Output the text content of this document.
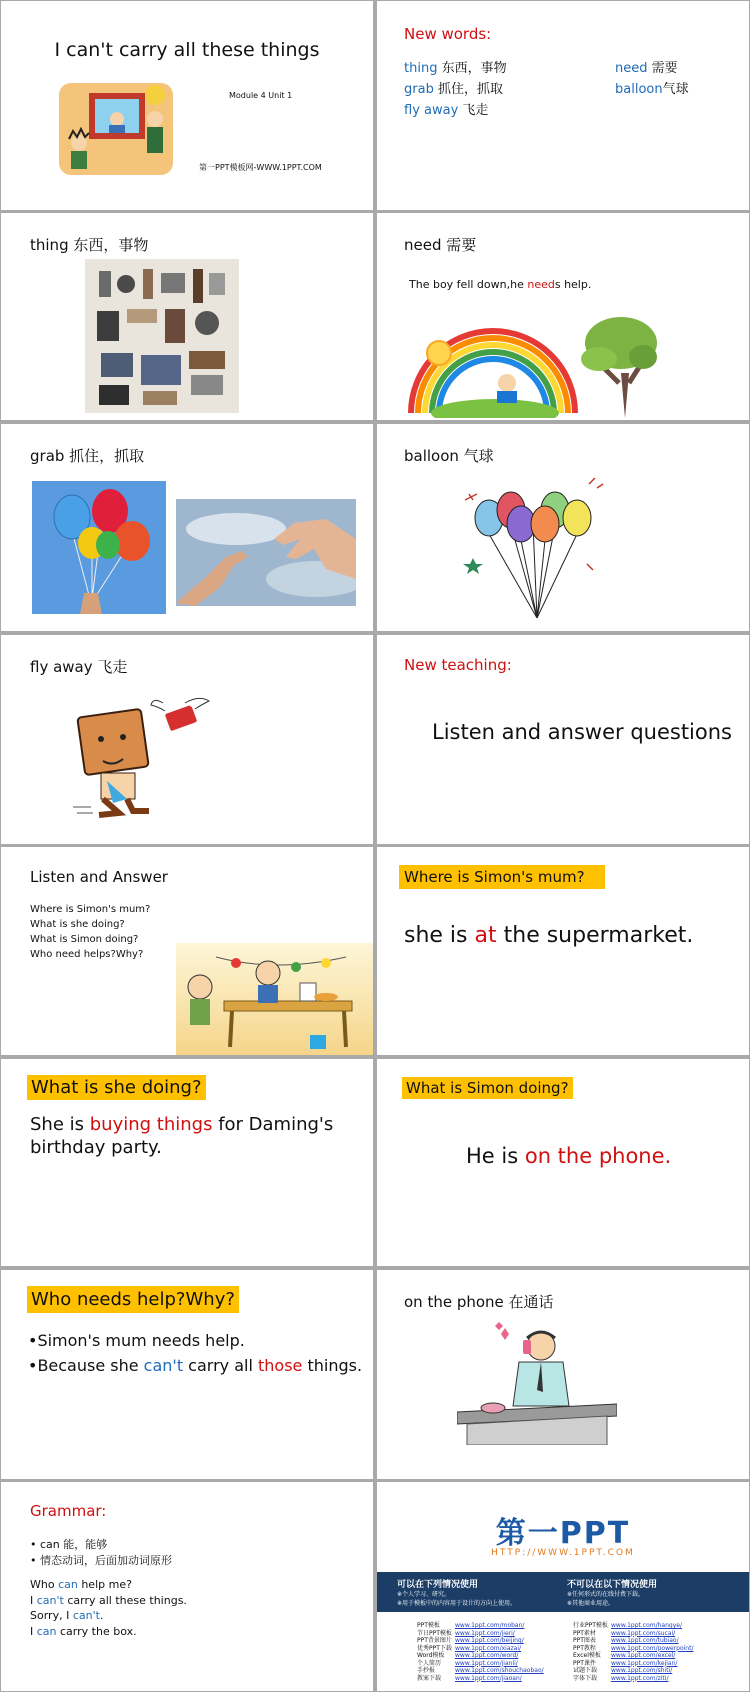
I can't carry all these things
Module 4 Unit 1
第一PPT模板网-WWW.1PPT.COM
New words:
thing 东西，事物
grab 抓住，抓取
fly away 飞走
need 需要
balloon气球
thing 东西，事物	need 需要
The boy fell down,he needs help.
grab 抓住，抓取	balloon 气球
fly away 飞走	New teaching:
Listen and answer questions
Listen and Answer
Where is Simon's mum?
What is she doing?
What is Simon doing?
Who need helps?Why?
Where is Simon's mum?
she is at the supermarket.
What is she doing?
She is buying things for Daming's
birthday party.
What is Simon doing?
He is on the phone.
Who needs help?Why?
•Simon's mum needs help.
•Because she can't carry all those things.
on the phone 在通话
Grammar:
• can 能，能够
• 情态动词，后面加动词原形
Who can help me?
I can't carry all these things.
Sorry, I can't.
I can carry the box.
第一PPT
HTTP://WWW.1PPT.COM
可以在下列情况使用
※个人学习、研究。
※用于模板中的内容用于设计的方向上使用。
不可以在以下情况使用
※任何形式的在线付费下载。
※其他商业用途。
PPT模板	www.1ppt.com/moban/
节日PPT模板 www.1ppt.com/jieri/
PPT背景图片 www.1ppt.com/beijing/
优秀PPT下载 www.1ppt.com/xiazai/
Word模板 www.1ppt.com/word/
个人简历 www.1ppt.com/jianli/
手抄报	www.1ppt.com/shouchaobao/
教案下载 www.1ppt.com/jiaoan/
行业PPT模板 www.1ppt.com/hangye/
PPT素材	www.1ppt.com/sucai/
PPT图表	www.1ppt.com/tubiao/
PPT教程	www.1ppt.com/powerpoint/
Excel模板 www.1ppt.com/excel/
PPT课件	www.1ppt.com/kejian/
试题下载 www.1ppt.com/shiti/
字体下载 www.1ppt.com/ziti/
